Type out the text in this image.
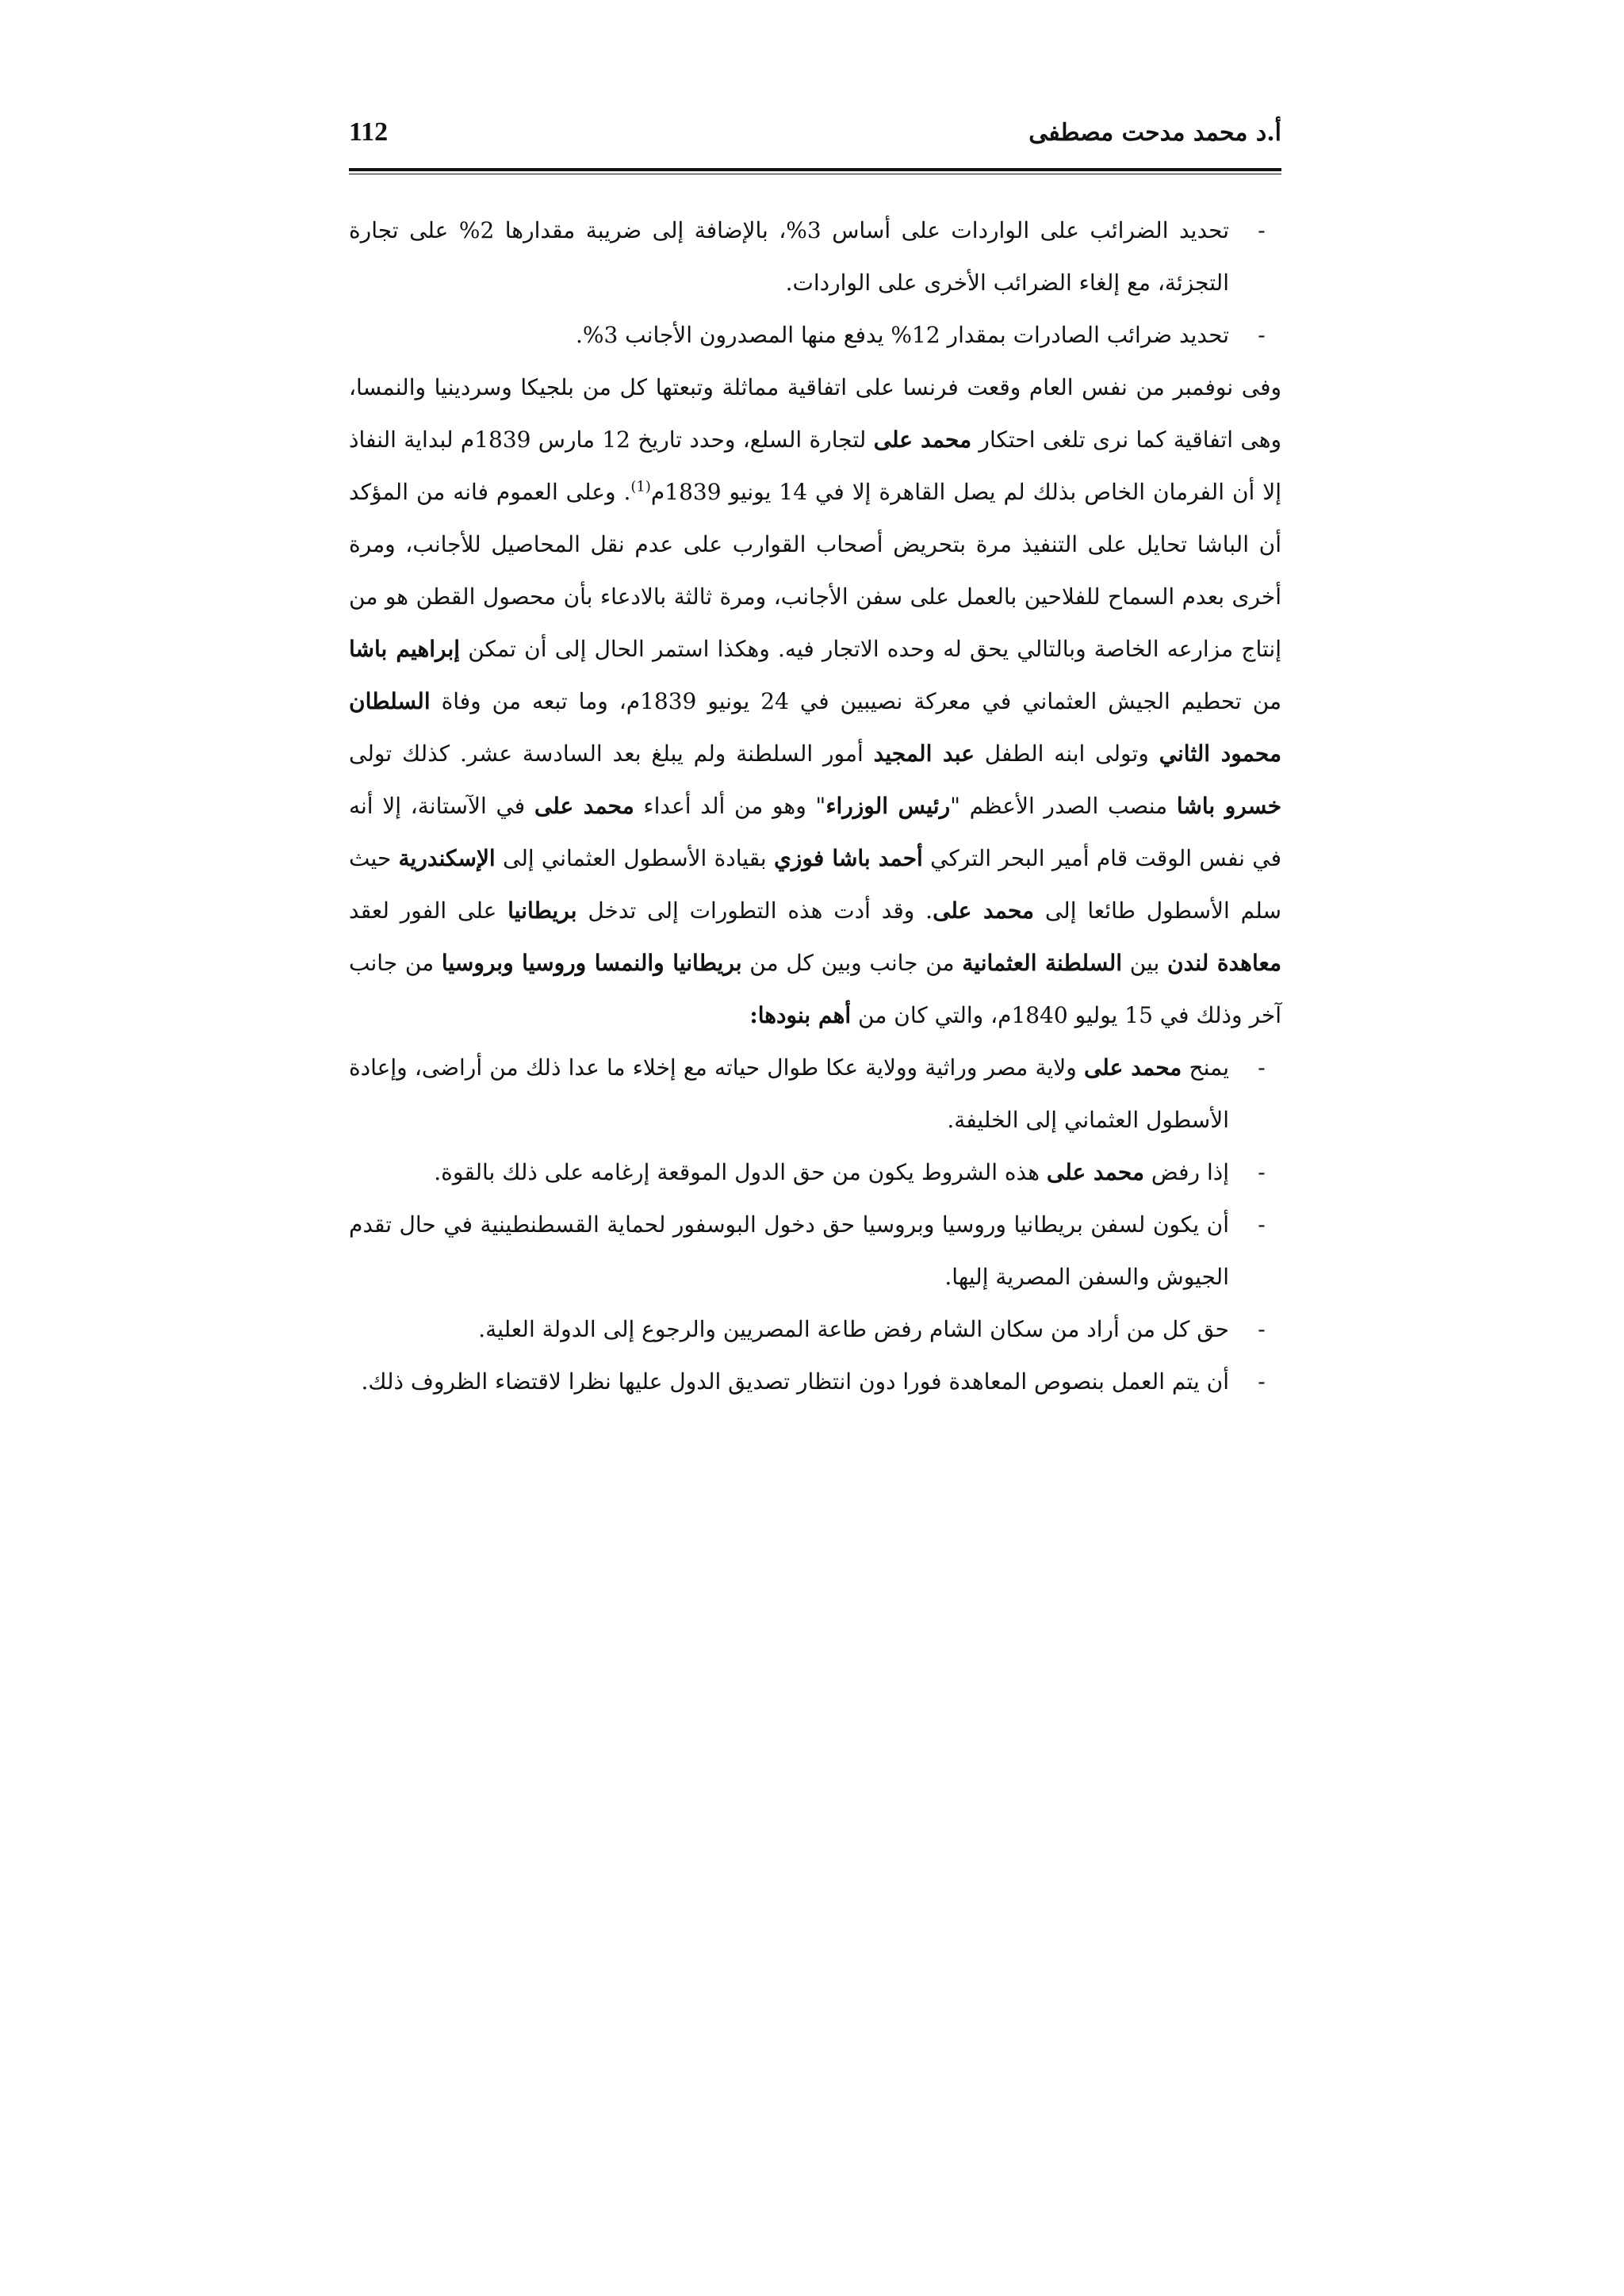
112	أ.د محمد مدحت مصطفى
-
تحديد الضرائب على الواردات على أساس 3%، بالإضافة إلى ضريبة مقدارها 2% على تجارة التجزئة، مع إلغاء الضرائب الأخرى على الواردات.
-
تحديد ضرائب الصادرات بمقدار 12% يدفع منها المصدرون الأجانب 3%.
وفى نوفمبر من نفس العام وقعت فرنسا على اتفاقية مماثلة وتبعتها كل من بلجيكا وسردينيا والنمسا، وهى اتفاقية كما نرى تلغى احتكار محمد على لتجارة السلع، وحدد تاريخ 12 مارس 1839م لبداية النفاذ إلا أن الفرمان الخاص بذلك لم يصل القاهرة إلا في 14 يونيو 1839م$^{(1)}$. وعلى العموم فانه من المؤكد أن الباشا تحايل على التنفيذ مرة بتحريض أصحاب القوارب على عدم نقل المحاصيل للأجانب، ومرة أخرى بعدم السماح للفلاحين بالعمل على سفن الأجانب، ومرة ثالثة بالادعاء بأن محصول القطن هو من إنتاج مزارعه الخاصة وبالتالي يحق له وحده الاتجار فيه. وهكذا استمر الحال إلى أن تمكن إبراهيم باشا من تحطيم الجيش العثماني في معركة نصيبين في 24 يونيو 1839م، وما تبعه من وفاة السلطان محمود الثاني وتولى ابنه الطفل عبد المجيد أمور السلطنة ولم يبلغ بعد السادسة عشر. كذلك تولى خسرو باشا منصب الصدر الأعظم "رئيس الوزراء" وهو من ألد أعداء محمد على في الآستانة، إلا أنه في نفس الوقت قام أمير البحر التركي أحمد باشا فوزي بقيادة الأسطول العثماني إلى الإسكندرية حيث سلم الأسطول طائعا إلى محمد على. وقد أدت هذه التطورات إلى تدخل بريطانيا على الفور لعقد معاهدة لندن بين السلطنة العثمانية من جانب وبين كل من بريطانيا والنمسا وروسيا وبروسيا من جانب آخر وذلك في 15 يوليو 1840م، والتي كان من أهم بنودها:
-
يمنح محمد على ولاية مصر وراثية وولاية عكا طوال حياته مع إخلاء ما عدا ذلك من أراضى، وإعادة الأسطول العثماني إلى الخليفة.
-
إذا رفض محمد على هذه الشروط يكون من حق الدول الموقعة إرغامه على ذلك بالقوة.
-
أن يكون لسفن بريطانيا وروسيا وبروسيا حق دخول البوسفور لحماية القسطنطينية في حال تقدم الجيوش والسفن المصرية إليها.
-
حق كل من أراد من سكان الشام رفض طاعة المصريين والرجوع إلى الدولة العلية.
-
أن يتم العمل بنصوص المعاهدة فورا دون انتظار تصديق الدول عليها نظرا لاقتضاء الظروف ذلك.
